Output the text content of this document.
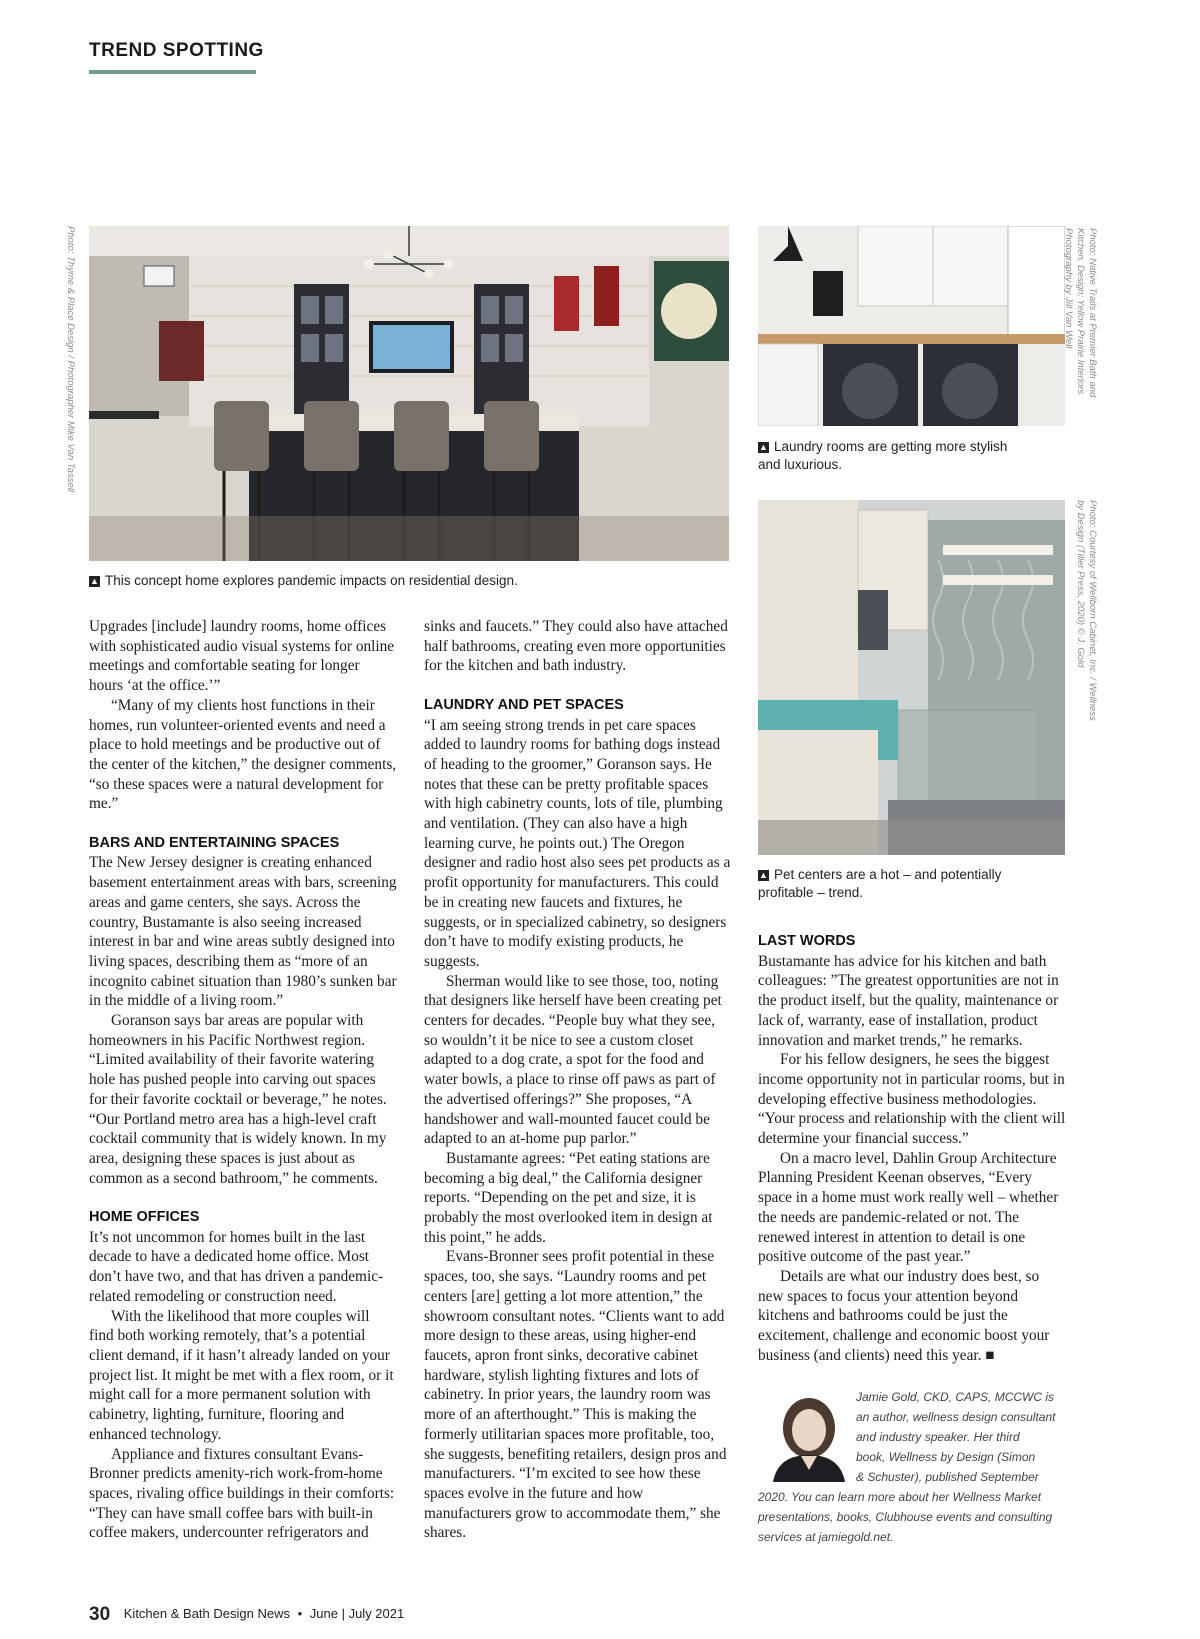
TREND SPOTTING
Photo: Thyme & Place Design / Photographer Mike Van Tassell
▲ This concept home explores pandemic impacts on residential design.
Photo: Native Trails at Premier Bath and
Kitchen. Design: Yellow Prairie Interiors.
Photography by Jill Van Well
▲ Laundry rooms are getting more stylish
and luxurious.
Photo: Courtesy of Wellborn Cabinet, Inc. / Wellness
by Design (Tiller Press, 2020) © J. Gold
▲ Pet centers are a hot – and potentially
profitable – trend.

Upgrades [include] laundry rooms, home offices with sophisticated audio visual systems for online meetings and comfortable seating for longer hours ‘at the office.’”

“Many of my clients host functions in their homes, run volunteer-oriented events and need a place to hold meetings and be productive out of the center of the kitchen,” the designer comments, “so these spaces were a natural development for me.”

BARS AND ENTERTAINING SPACES

The New Jersey designer is creating enhanced basement entertainment areas with bars, screening areas and game centers, she says. Across the country, Bustamante is also seeing increased interest in bar and wine areas subtly designed into living spaces, describing them as “more of an incognito cabinet situation than 1980’s sunken bar in the middle of a living room.”

Goranson says bar areas are popular with homeowners in his Pacific Northwest region. “Limited availability of their favorite watering hole has pushed people into carving out spaces for their favorite cocktail or beverage,” he notes. “Our Portland metro area has a high-level craft cocktail community that is widely known. In my area, designing these spaces is just about as common as a second bathroom,” he comments.

HOME OFFICES

It’s not uncommon for homes built in the last decade to have a dedicated home office. Most don’t have two, and that has driven a pandemic-related remodeling or construction need.

With the likelihood that more couples will find both working remotely, that’s a potential client demand, if it hasn’t already landed on your project list. It might be met with a flex room, or it might call for a more permanent solution with cabinetry, lighting, furniture, flooring and enhanced technology.

Appliance and fixtures consultant Evans-Bronner predicts amenity-rich work-from-home spaces, rivaling office buildings in their comforts: “They can have small coffee bars with built-in coffee makers, undercounter refrigerators and

sinks and faucets.” They could also have attached half bathrooms, creating even more opportunities for the kitchen and bath industry.

LAUNDRY AND PET SPACES

“I am seeing strong trends in pet care spaces added to laundry rooms for bathing dogs instead of heading to the groomer,” Goranson says. He notes that these can be pretty profitable spaces with high cabinetry counts, lots of tile, plumbing and ventilation. (They can also have a high learning curve, he points out.) The Oregon designer and radio host also sees pet products as a profit opportunity for manufacturers. This could be in creating new faucets and fixtures, he suggests, or in specialized cabinetry, so designers don’t have to modify existing products, he suggests.

Sherman would like to see those, too, noting that designers like herself have been creating pet centers for decades. “People buy what they see, so wouldn’t it be nice to see a custom closet adapted to a dog crate, a spot for the food and water bowls, a place to rinse off paws as part of the advertised offerings?” She proposes, “A handshower and wall-mounted faucet could be adapted to an at-home pup parlor.”

Bustamante agrees: “Pet eating stations are becoming a big deal,” the California designer reports. “Depending on the pet and size, it is probably the most overlooked item in design at this point,” he adds.

Evans-Bronner sees profit potential in these spaces, too, she says. “Laundry rooms and pet centers [are] getting a lot more attention,” the showroom consultant notes. “Clients want to add more design to these areas, using higher-end faucets, apron front sinks, decorative cabinet hardware, stylish lighting fixtures and lots of cabinetry. In prior years, the laundry room was more of an afterthought.” This is making the formerly utilitarian spaces more profitable, too, she suggests, benefiting retailers, design pros and manufacturers. “I’m excited to see how these spaces evolve in the future and how manufacturers grow to accommodate them,” she shares.

LAST WORDS

Bustamante has advice for his kitchen and bath colleagues: ”The greatest opportunities are not in the product itself, but the quality, maintenance or lack of, warranty, ease of installation, product innovation and market trends,” he remarks.

For his fellow designers, he sees the biggest income opportunity not in particular rooms, but in developing effective business methodologies. “Your process and relationship with the client will determine your financial success.”

On a macro level, Dahlin Group Architecture Planning President Keenan observes, “Every space in a home must work really well – whether the needs are pandemic-related or not. The renewed interest in attention to detail is one positive outcome of the past year.”

Details are what our industry does best, so new spaces to focus your attention beyond kitchens and bathrooms could be just the excitement, challenge and economic boost your business (and clients) need this year. ■

Jamie Gold, CKD, CAPS, MCCWC is
an author, wellness design consultant
and industry speaker. Her third
book, Wellness by Design (Simon
& Schuster), published September
2020. You can learn more about her Wellness Market
presentations, books, Clubhouse events and consulting
services at jamiegold.net.
30 Kitchen & Bath Design News • June | July 2021
